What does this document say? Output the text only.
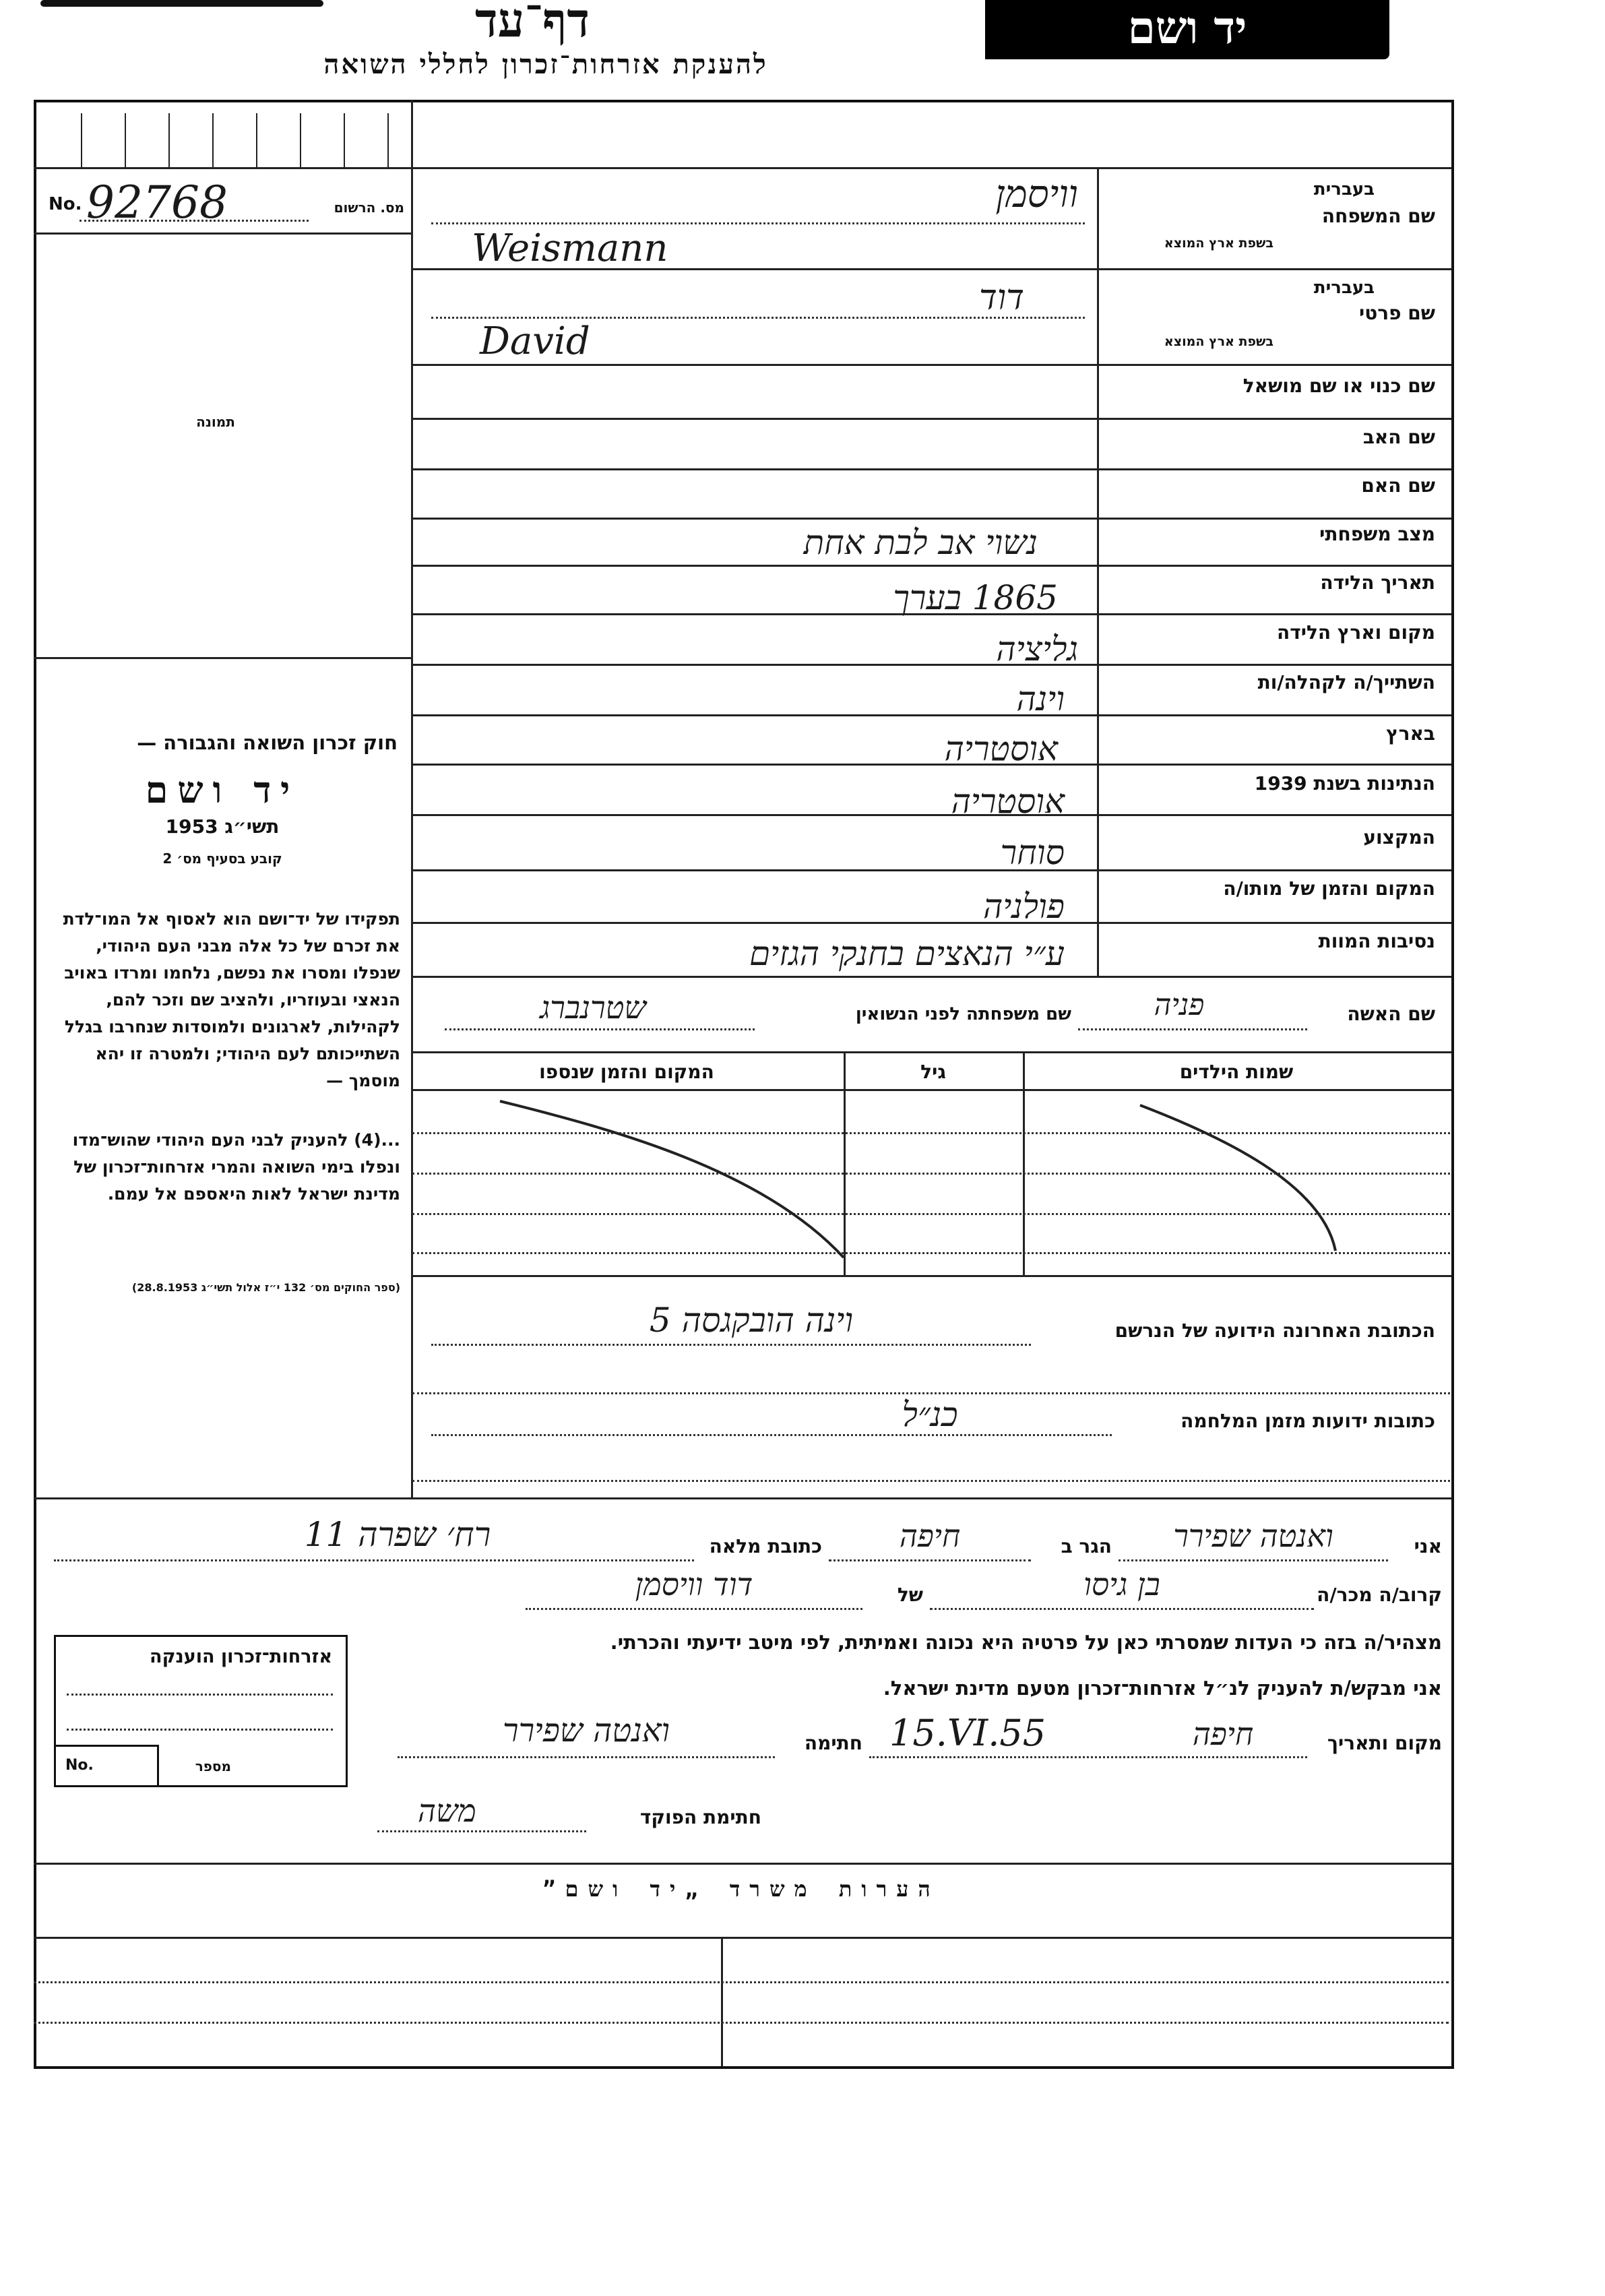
דף־עד
להענקת אזרחות־זכרון לחללי השואה
יד ושם
No. 92768	מס. הרשום
תמונה
חוק זכרון השואה והגבורה —
יד ושם
תשי״ג 1953
קובע בסעיף מס׳ 2
תפקידו של יד־ושם הוא לאסוף אל המו־לדת את זכרם של כל אלה מבני העם היהודי, שנפלו ומסרו את נפשם, נלחמו ומרדו באויב הנאצי ובעוזריו, ולהציב שם וזכר להם, לקהילות, לארגונים ולמוסדות שנחרבו בגלל השתייכותם לעם היהודי; ולמטרה זו יהא מוסמך —
...(4) להעניק לבני העם היהודי שהוש־מדו ונפלו בימי השואה והמרי אזרחות־זכרון של מדינת ישראל לאות היאספם אל עמם.
(ספר החוקים מס׳ 132 י״ז אלול תשי״ג 28.8.1953)
בעברית
שם המשפחה
בשפת ארץ המוצא
וויסמן
Weismann
בעברית
שם פרטי
בשפת ארץ המוצא
דוד
David
שם כנוי או שם מושאל
שם האב
שם האם
מצב משפחתי
נשוי אב לבת אחת
תאריך הלידה
1865 בערך
מקום וארץ הלידה
גליציה
השתייך/ה לקהלה/ות
וינה
בארץ
אוסטריה
הנתינות בשנת 1939
אוסטריה
המקצוע
סוחר
המקום והזמן של מותו/ה
פולניה
נסיבות המוות
ע״י הנאצים בחנקי הגזים
שם האשה
פניה
שם משפחתה לפני הנשואין
שטרנברג
שמות הילדים
גיל
המקום והזמן שנספו
הכתובת האחרונה הידועה של הנרשם
וינה הובקגסה 5
כתובות ידועות מזמן המלחמה
כנ״ל
אני
ואנטה שפירר
הגר ב
חיפה
כתובת מלאה
רח׳ שפרה 11
קרוב/ה מכר/ה
בן גיסו
של
דוד וויסמן
מצהיר/ה בזה כי העדות שמסרתי כאן על פרטיה היא נכונה ואמיתית, לפי מיטב ידיעתי והכרתי.
אני מבקש/ת להעניק לנ״ל אזרחות־זכרון מטעם מדינת ישראל.
מקום ותאריך
חיפה
15.VI.55
חתימה
ואנטה שפירר
חתימת הפוקד
משה
אזרחות־זכרון הוענקה
No.	מספר
הערות משרד „יד ושם”
